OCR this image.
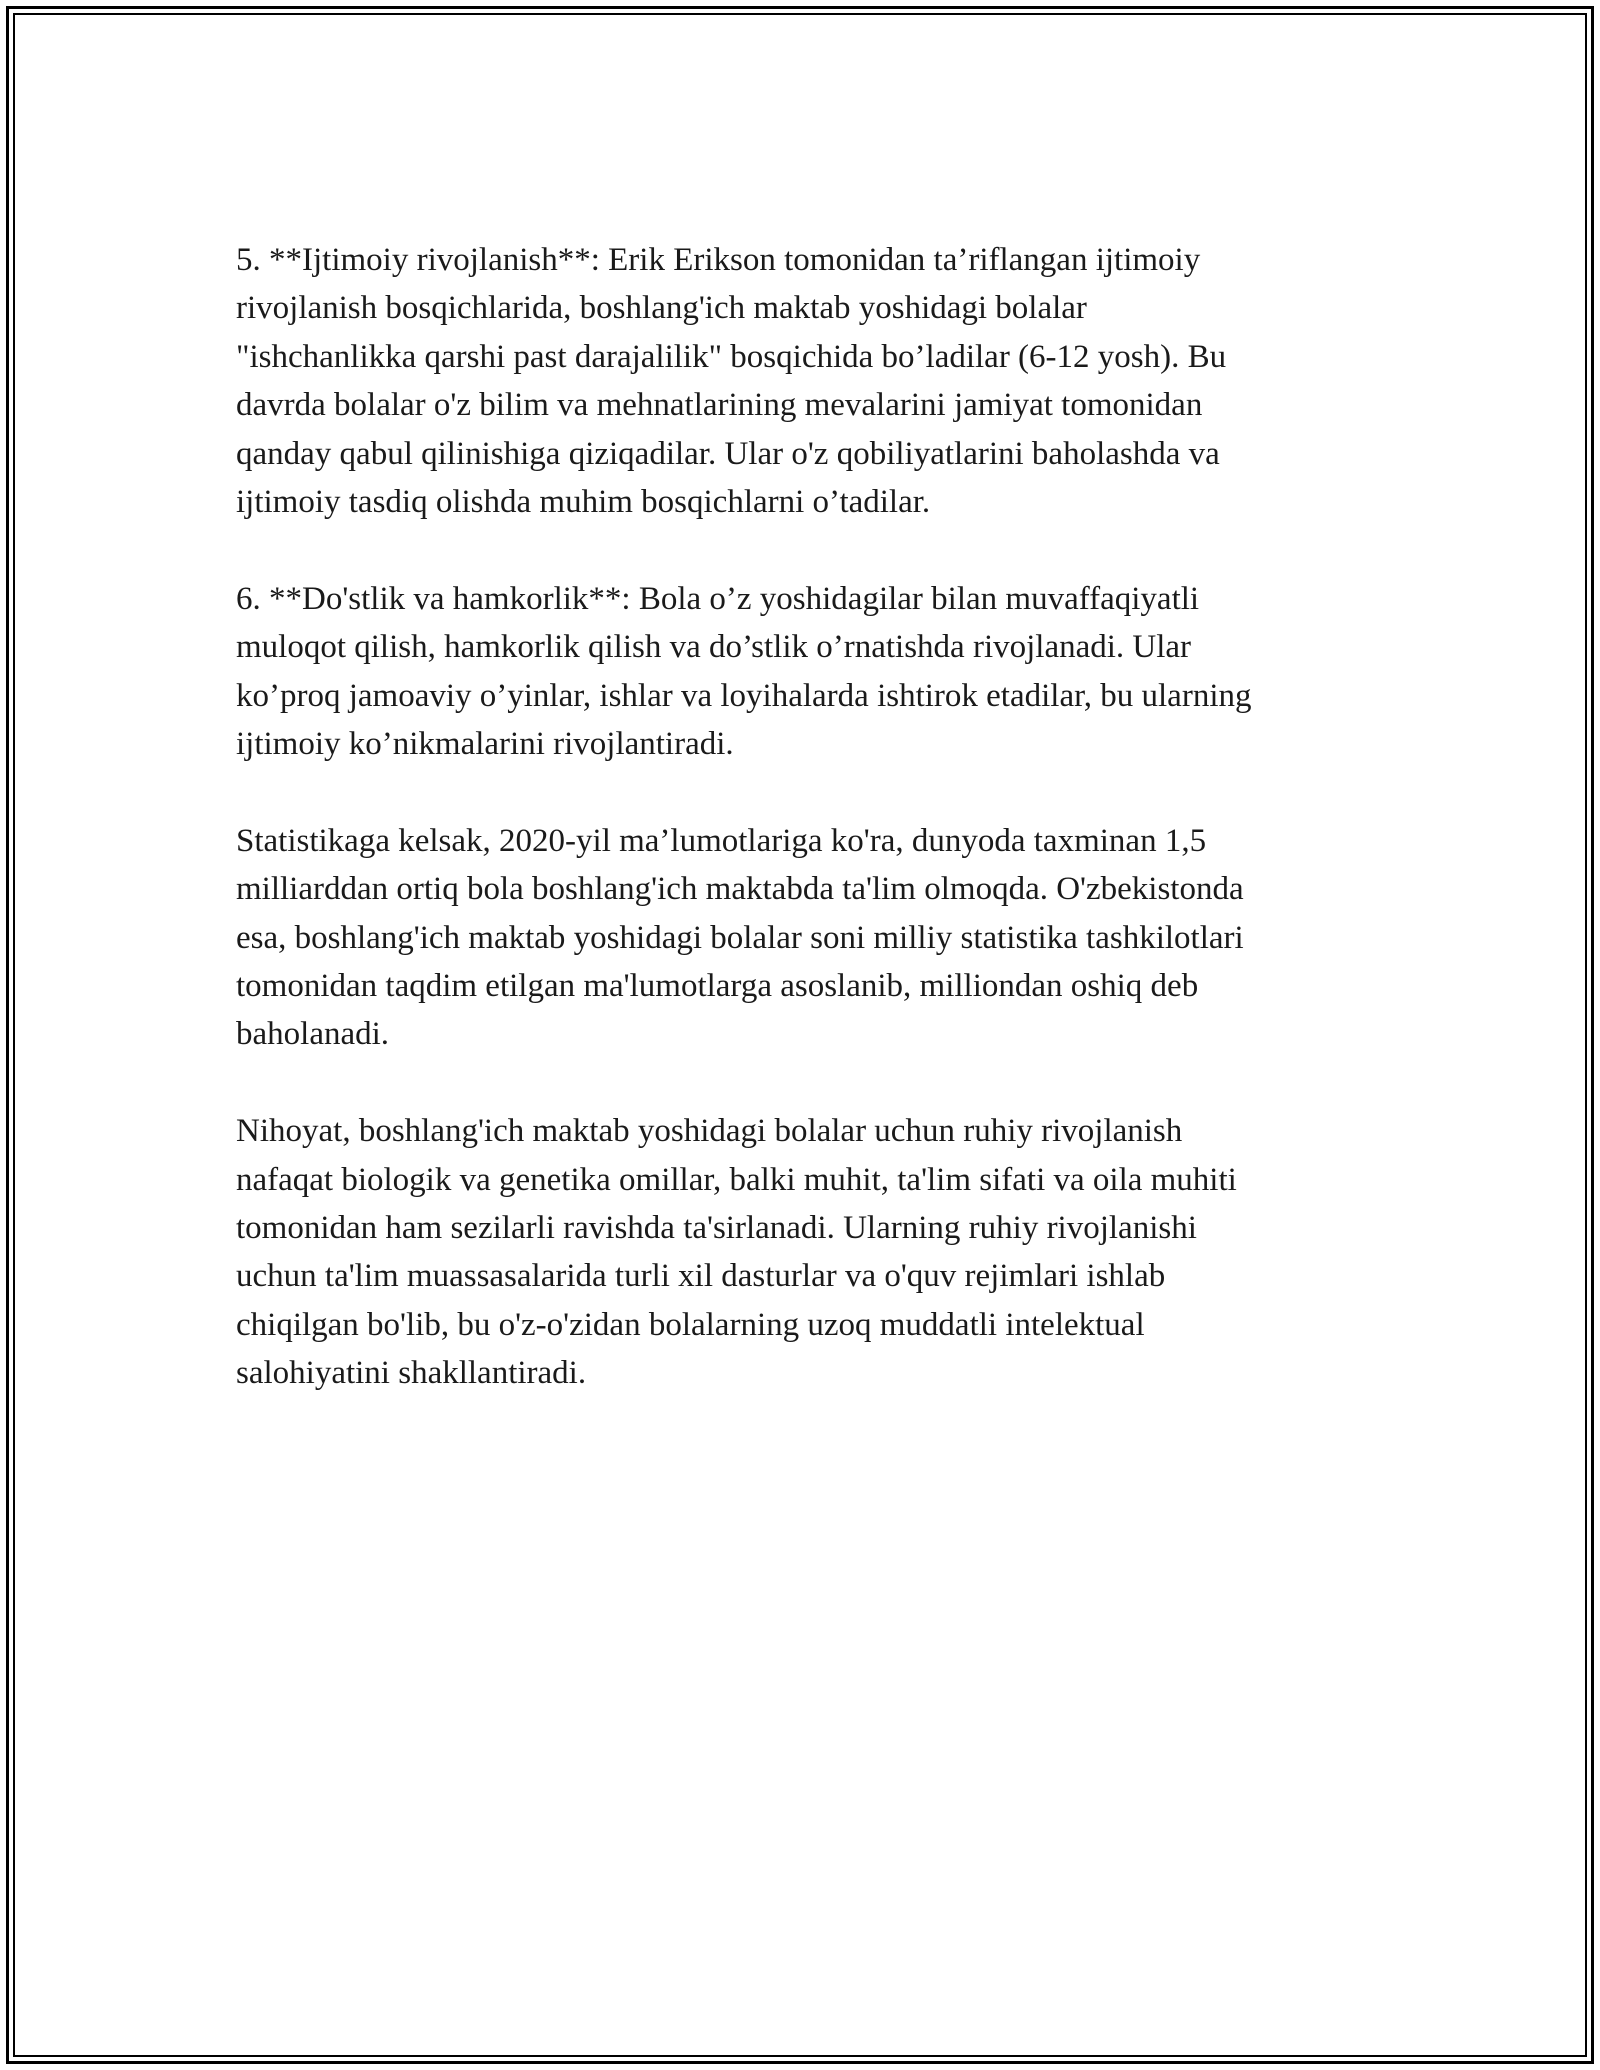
5. **Ijtimoiy rivojlanish**: Erik Erikson tomonidan ta’riflangan ijtimoiy
rivojlanish bosqichlarida, boshlang'ich maktab yoshidagi bolalar
"ishchanlikka qarshi past darajalilik" bosqichida bo’ladilar (6-12 yosh). Bu
davrda bolalar o'z bilim va mehnatlarining mevalarini jamiyat tomonidan
qanday qabul qilinishiga qiziqadilar. Ular o'z qobiliyatlarini baholashda va
ijtimoiy tasdiq olishda muhim bosqichlarni o’tadilar.

6. **Do'stlik va hamkorlik**: Bola o’z yoshidagilar bilan muvaffaqiyatli
muloqot qilish, hamkorlik qilish va do’stlik o’rnatishda rivojlanadi. Ular
ko’proq jamoaviy o’yinlar, ishlar va loyihalarda ishtirok etadilar, bu ularning
ijtimoiy ko’nikmalarini rivojlantiradi.

Statistikaga kelsak, 2020-yil ma’lumotlariga ko'ra, dunyoda taxminan 1,5
milliarddan ortiq bola boshlang'ich maktabda ta'lim olmoqda. O'zbekistonda
esa, boshlang'ich maktab yoshidagi bolalar soni milliy statistika tashkilotlari
tomonidan taqdim etilgan ma'lumotlarga asoslanib, milliondan oshiq deb
baholanadi.

Nihoyat, boshlang'ich maktab yoshidagi bolalar uchun ruhiy rivojlanish
nafaqat biologik va genetika omillar, balki muhit, ta'lim sifati va oila muhiti
tomonidan ham sezilarli ravishda ta'sirlanadi. Ularning ruhiy rivojlanishi
uchun ta'lim muassasalarida turli xil dasturlar va o'quv rejimlari ishlab
chiqilgan bo'lib, bu o'z-o'zidan bolalarning uzoq muddatli intelektual
salohiyatini shakllantiradi.
